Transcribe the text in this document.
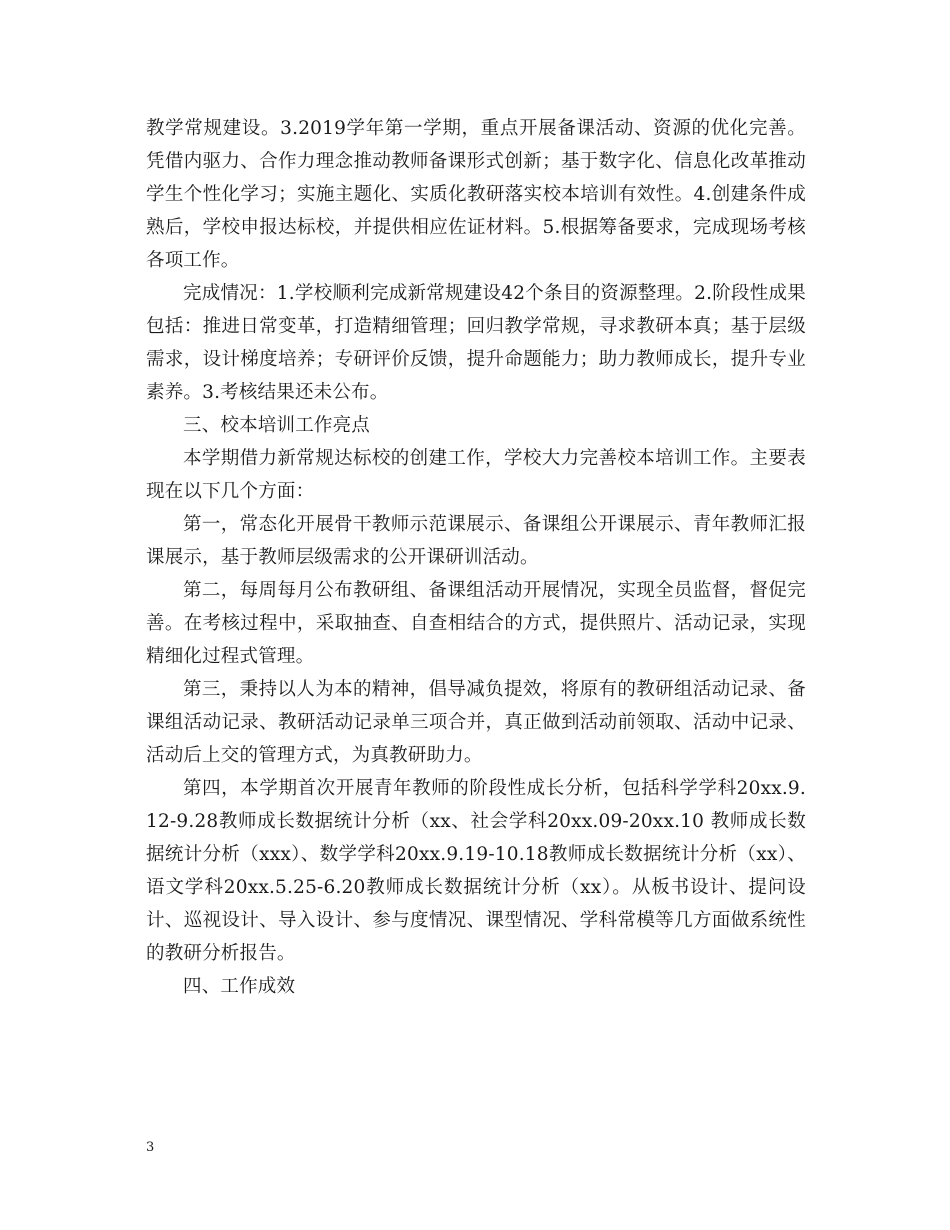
教学常规建设。3.2019学年第一学期，重点开展备课活动、资源的优化完善。凭借内驱力、合作力理念推动教师备课形式创新；基于数字化、信息化改革推动学生个性化学习；实施主题化、实质化教研落实校本培训有效性。4.创建条件成熟后，学校申报达标校，并提供相应佐证材料。5.根据筹备要求，完成现场考核各项工作。

完成情况：1.学校顺利完成新常规建设42个条目的资源整理。2.阶段性成果包括：推进日常变革，打造精细管理；回归教学常规，寻求教研本真；基于层级需求，设计梯度培养；专研评价反馈，提升命题能力；助力教师成长，提升专业素养。3.考核结果还未公布。

三、校本培训工作亮点

本学期借力新常规达标校的创建工作，学校大力完善校本培训工作。主要表现在以下几个方面：

第一，常态化开展骨干教师示范课展示、备课组公开课展示、青年教师汇报课展示，基于教师层级需求的公开课研训活动。

第二，每周每月公布教研组、备课组活动开展情况，实现全员监督，督促完善。在考核过程中，采取抽查、自查相结合的方式，提供照片、活动记录，实现精细化过程式管理。

第三，秉持以人为本的精神，倡导减负提效，将原有的教研组活动记录、备课组活动记录、教研活动记录单三项合并，真正做到活动前领取、活动中记录、活动后上交的管理方式，为真教研助力。

第四，本学期首次开展青年教师的阶段性成长分析，包括科学学科20xx.9.12-9.28教师成长数据统计分析（xx、社会学科20xx.09-20xx.10 教师成长数据统计分析（xxx）、数学学科20xx.9.19-10.18教师成长数据统计分析（xx）、语文学科20xx.5.25-6.20教师成长数据统计分析（xx）。从板书设计、提问设计、巡视设计、导入设计、参与度情况、课型情况、学科常模等几方面做系统性的教研分析报告。

四、工作成效

3
